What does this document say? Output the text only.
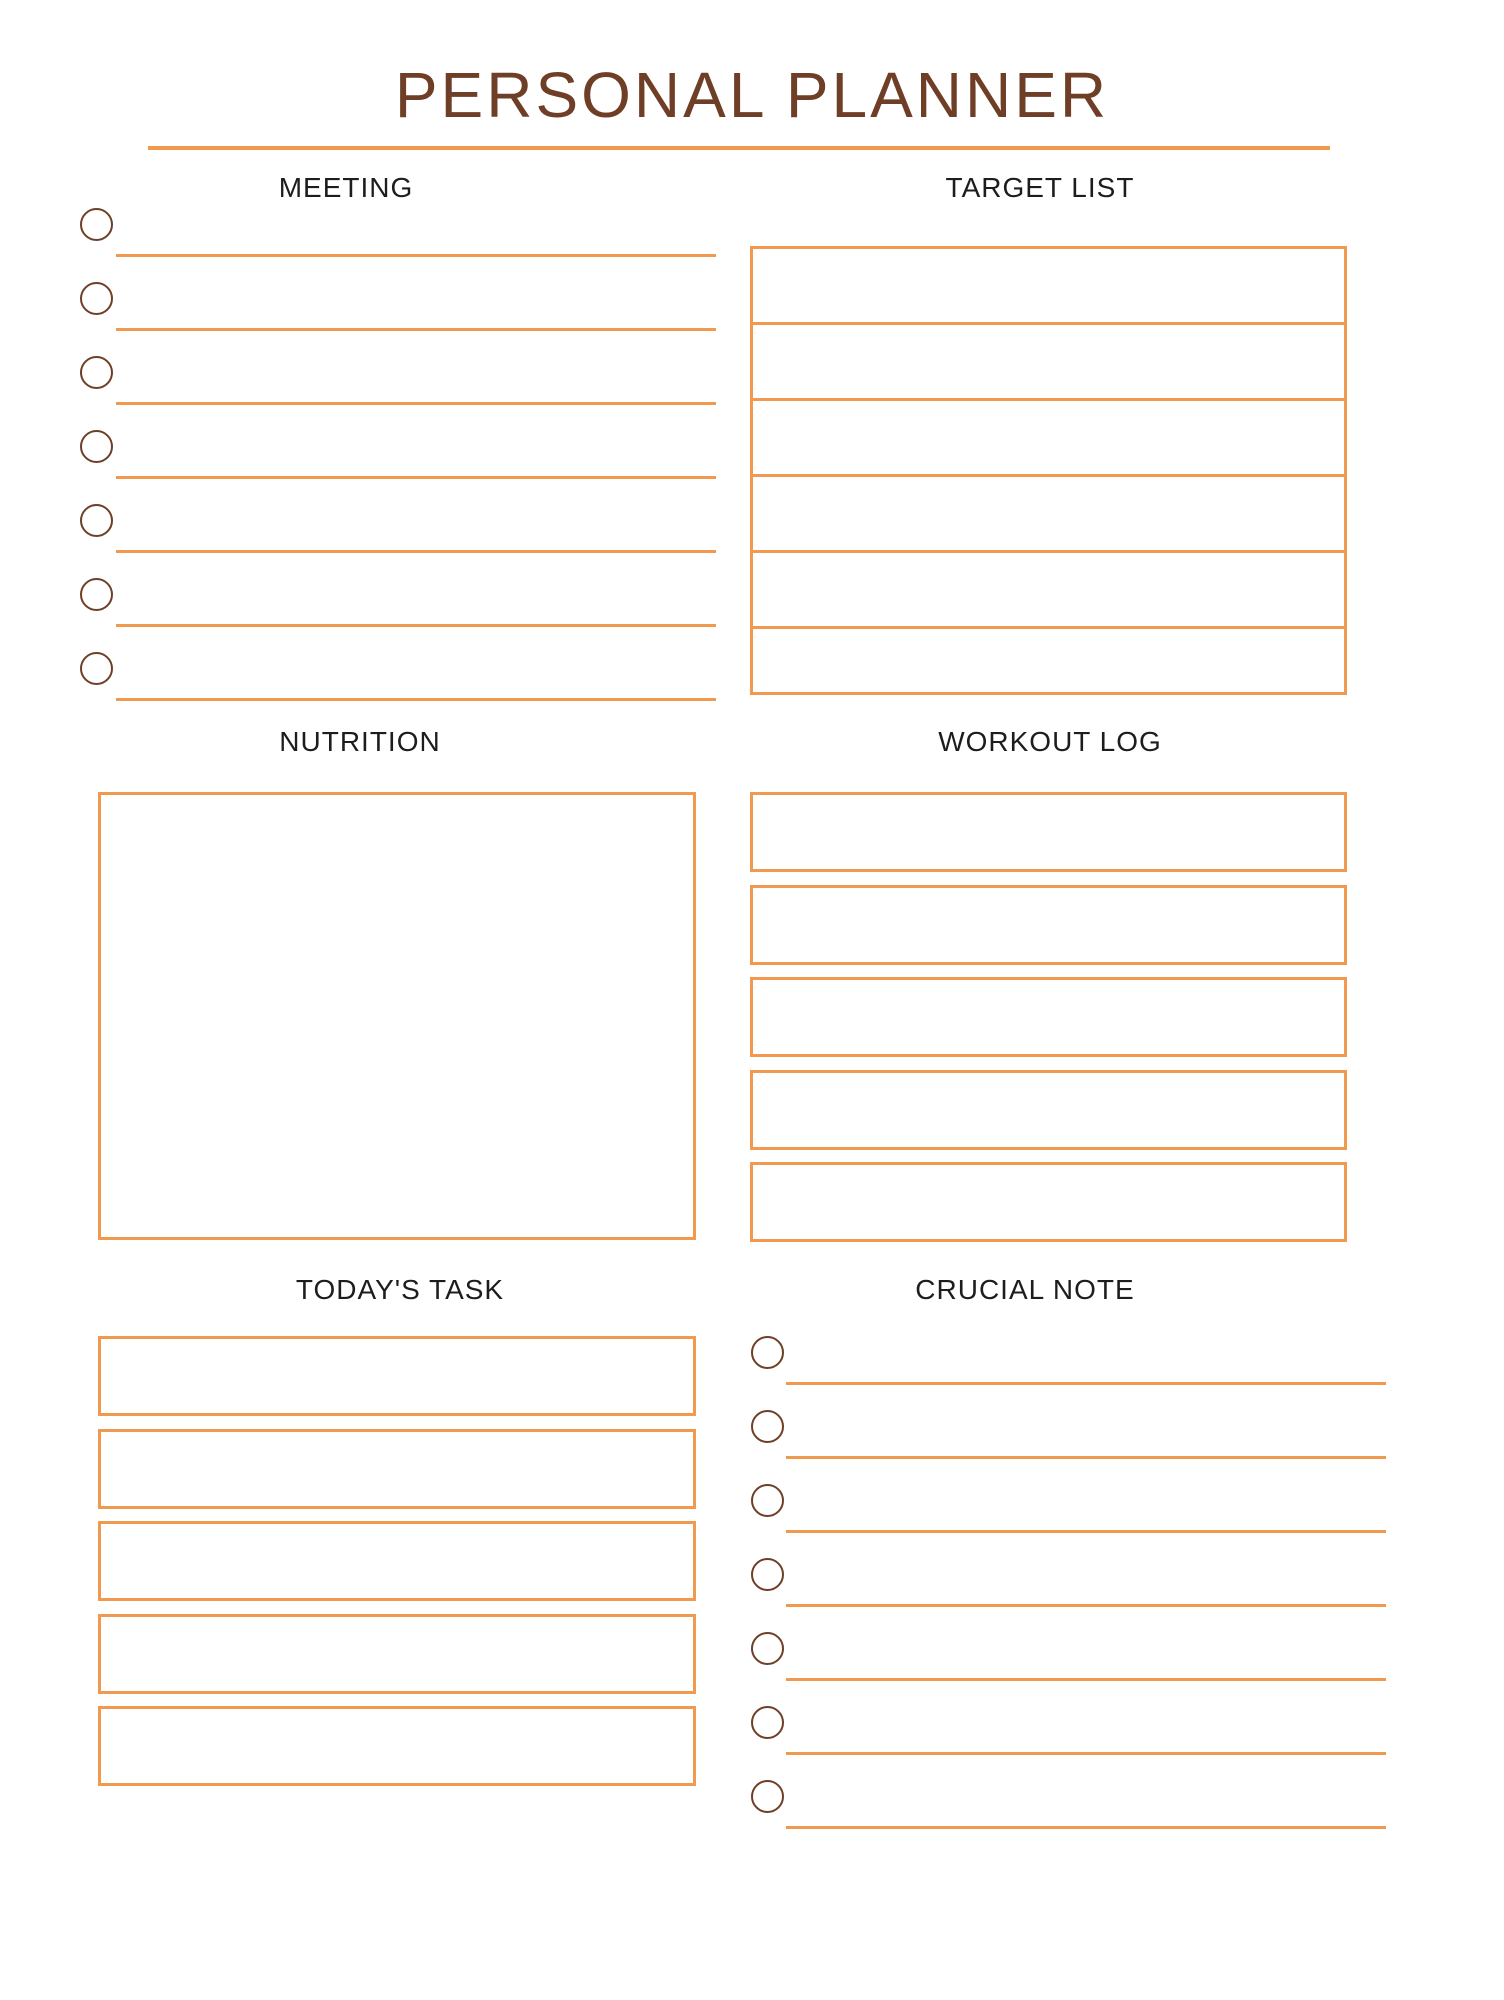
PERSONAL PLANNER
MEETING	TARGET LIST
NUTRITION	WORKOUT LOG
TODAY'S TASK	CRUCIAL NOTE
